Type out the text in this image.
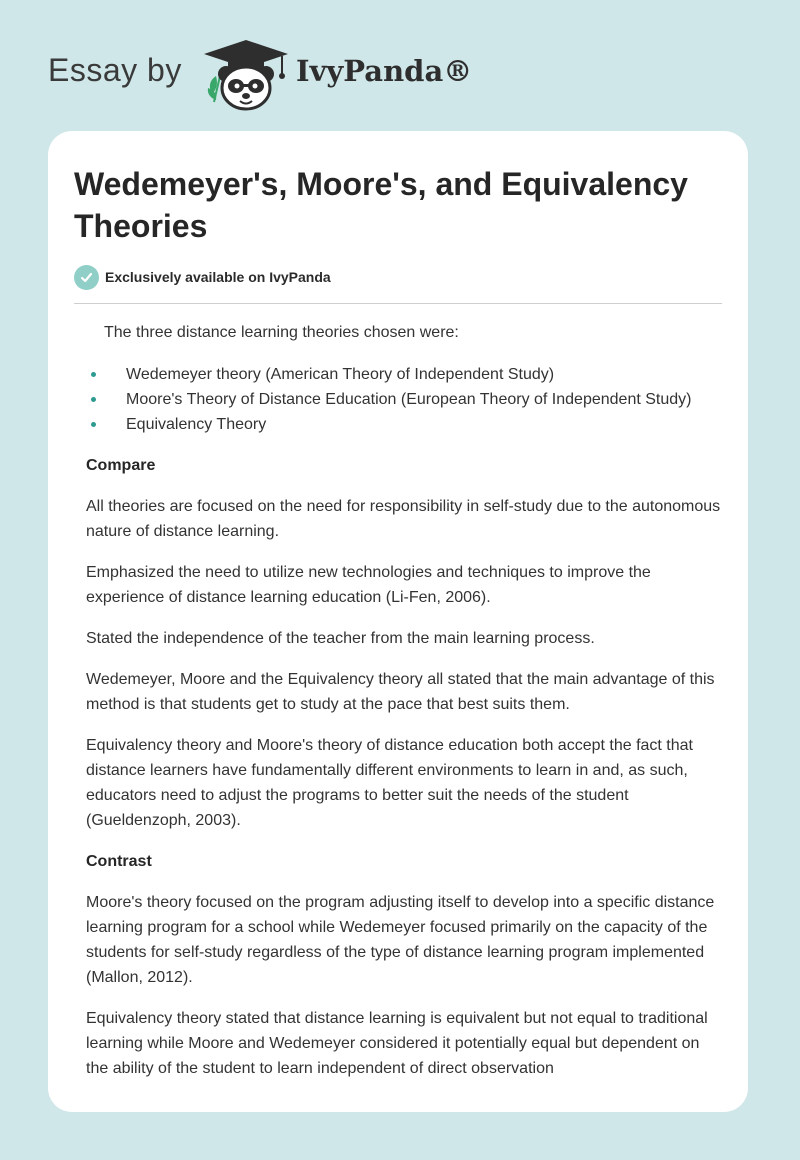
Essay by	IvyPanda®
Wedemeyer's, Moore's, and Equivalency Theories
Exclusively available on IvyPanda

The three distance learning theories chosen were:

Wedemeyer theory (American Theory of Independent Study)
Moore's Theory of Distance Education (European Theory of Independent Study)
Equivalency Theory
Compare

All theories are focused on the need for responsibility in self-study due to the autonomous nature of distance learning.

Emphasized the need to utilize new technologies and techniques to improve the experience of distance learning education (Li-Fen, 2006).

Stated the independence of the teacher from the main learning process.

Wedemeyer, Moore and the Equivalency theory all stated that the main advantage of this method is that students get to study at the pace that best suits them.

Equivalency theory and Moore's theory of distance education both accept the fact that distance learners have fundamentally different environments to learn in and, as such, educators need to adjust the programs to better suit the needs of the student (Gueldenzoph, 2003).

Contrast

Moore's theory focused on the program adjusting itself to develop into a specific distance learning program for a school while Wedemeyer focused primarily on the capacity of the students for self-study regardless of the type of distance learning program implemented (Mallon, 2012).

Equivalency theory stated that distance learning is equivalent but not equal to traditional learning while Moore and Wedemeyer considered it potentially equal but dependent on the ability of the student to learn independent of direct observation
